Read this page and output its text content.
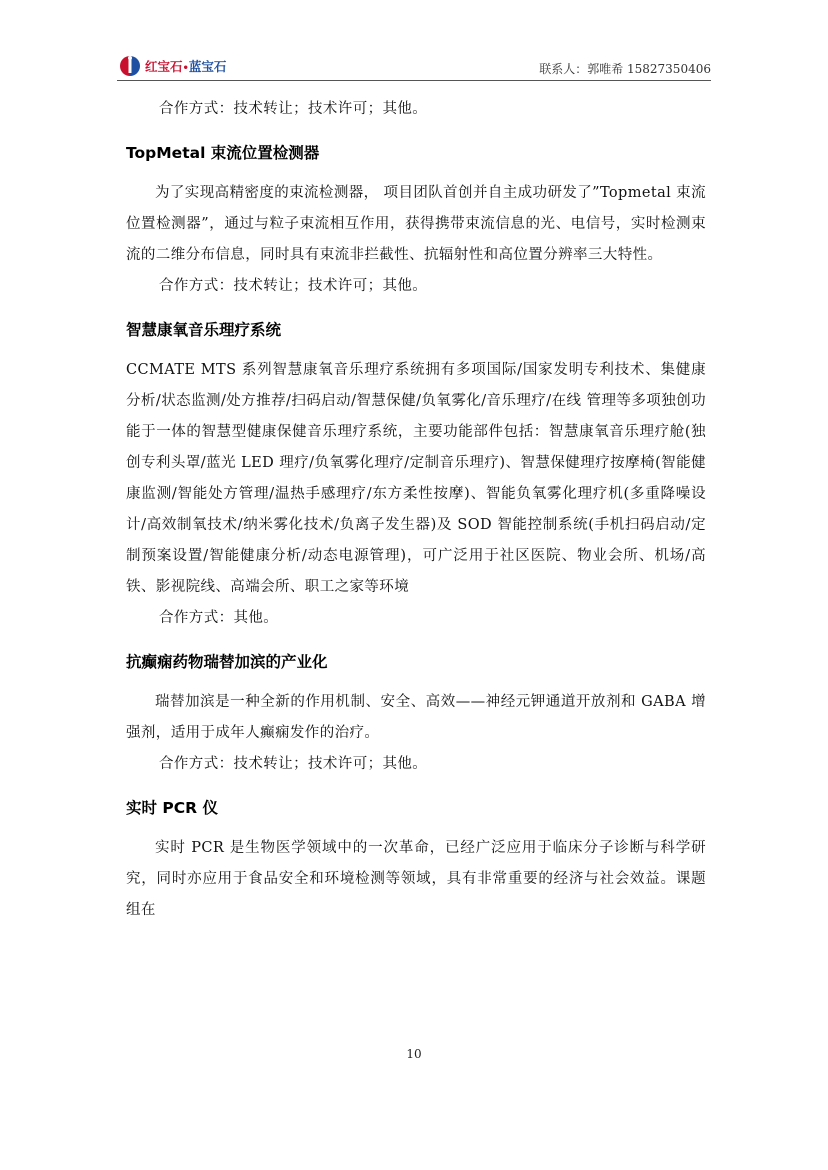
红宝石•蓝宝石	联系人：郭唯希 15827350406

合作方式：技术转让；技术许可；其他。

TopMetal 束流位置检测器

为了实现高精密度的束流检测器， 项目团队首创并自主成功研发了”Topmetal 束流位置检测器”，通过与粒子束流相互作用，获得携带束流信息的光、电信号，实时检测束流的二维分布信息，同时具有束流非拦截性、抗辐射性和高位置分辨率三大特性。

合作方式：技术转让；技术许可；其他。

智慧康氧音乐理疗系统

CCMATE MTS 系列智慧康氧音乐理疗系统拥有多项国际/国家发明专利技术、集健康分析/状态监测/处方推荐/扫码启动/智慧保健/负氧雾化/音乐理疗/在线 管理等多项独创功能于一体的智慧型健康保健音乐理疗系统，主要功能部件包括：智慧康氧音乐理疗舱(独创专利头罩/蓝光 LED 理疗/负氧雾化理疗/定制音乐理疗)、智慧保健理疗按摩椅(智能健康监测/智能处方管理/温热手感理疗/东方柔性按摩)、智能负氧雾化理疗机(多重降噪设计/高效制氧技术/纳米雾化技术/负离子发生器)及 SOD 智能控制系统(手机扫码启动/定制预案设置/智能健康分析/动态电源管理)，可广泛用于社区医院、物业会所、机场/高铁、影视院线、高端会所、职工之家等环境

合作方式：其他。

抗癫痫药物瑞替加滨的产业化

瑞替加滨是一种全新的作用机制、安全、高效——神经元钾通道开放剂和 GABA 增强剂，适用于成年人癫痫发作的治疗。

合作方式：技术转让；技术许可；其他。

实时 PCR 仪

实时 PCR 是生物医学领域中的一次革命，已经广泛应用于临床分子诊断与科学研究，同时亦应用于食品安全和环境检测等领域，具有非常重要的经济与社会效益。课题组在

10
